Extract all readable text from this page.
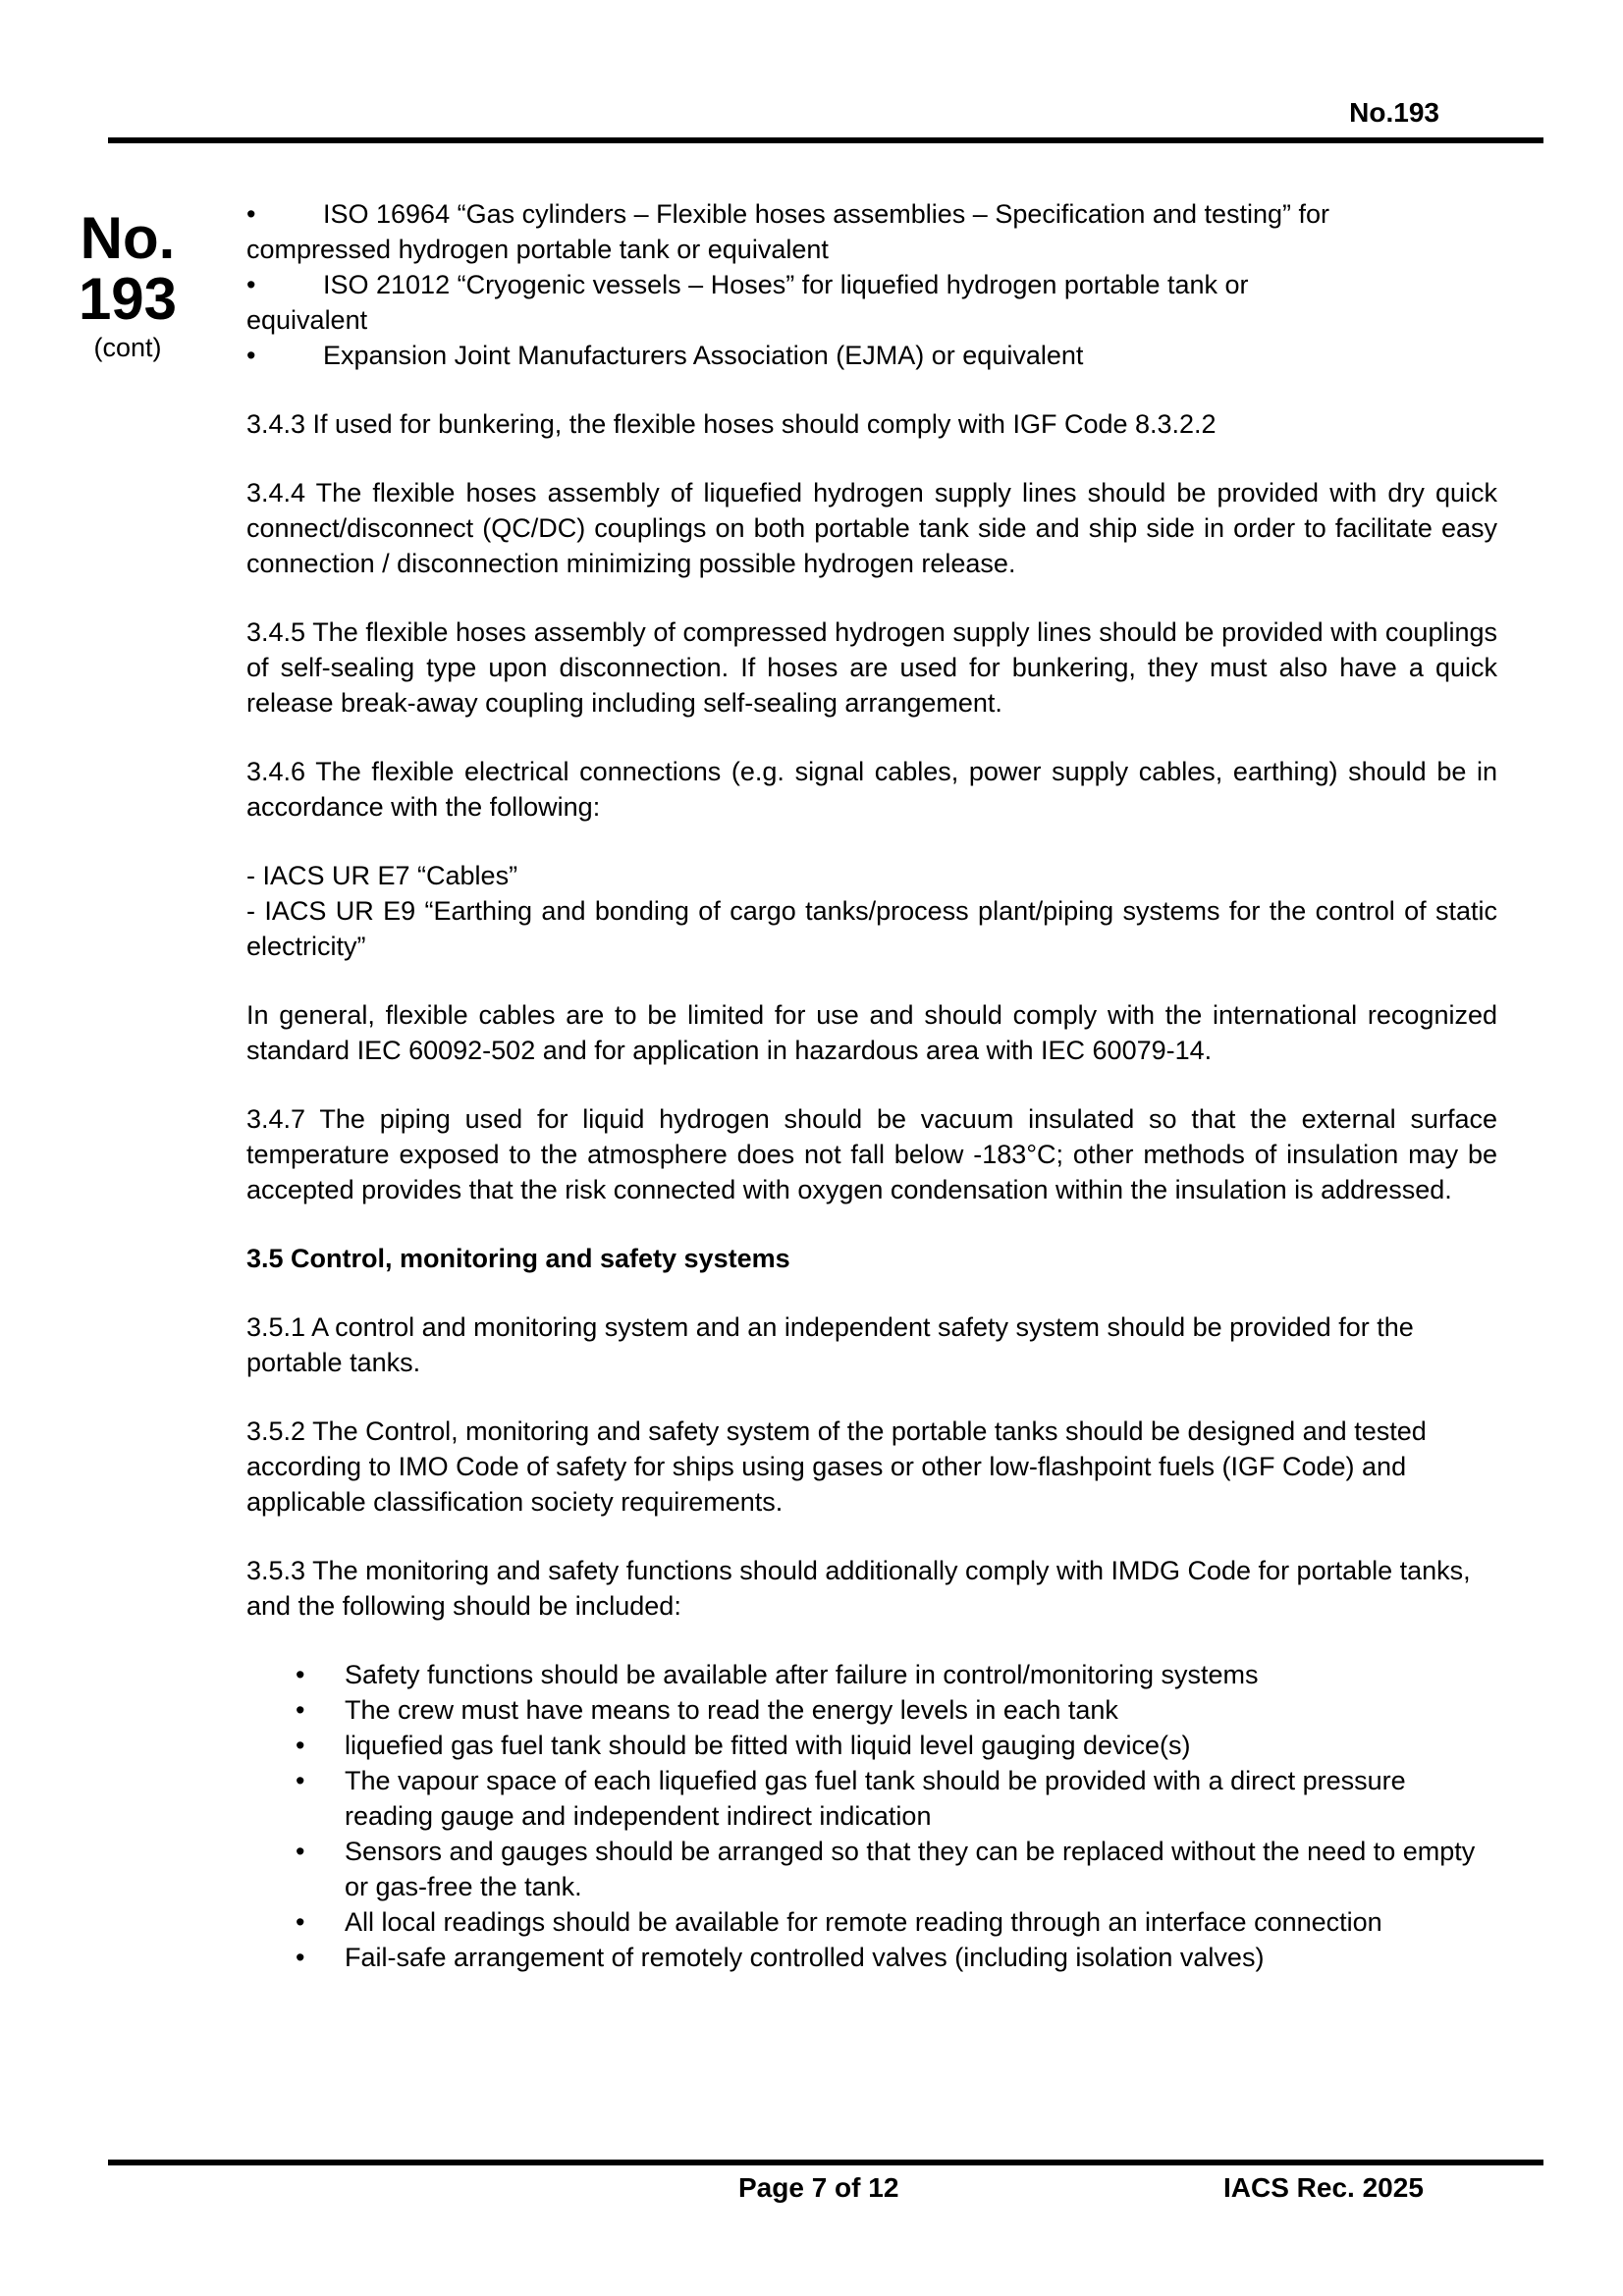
No.193
No.
193
(cont)
•	ISO 16964 “Gas cylinders – Flexible hoses assemblies – Specification and testing” for
compressed hydrogen portable tank or equivalent
•	ISO 21012 “Cryogenic vessels – Hoses” for liquefied hydrogen portable tank or
equivalent
•	Expansion Joint Manufacturers Association (EJMA) or equivalent

3.4.3 If used for bunkering, the flexible hoses should comply with IGF Code 8.3.2.2

3.4.4 The flexible hoses assembly of liquefied hydrogen supply lines should be provided with dry quick connect/disconnect (QC/DC) couplings on both portable tank side and ship side in order to facilitate easy connection / disconnection minimizing possible hydrogen release.

3.4.5 The flexible hoses assembly of compressed hydrogen supply lines should be provided with couplings of self-sealing type upon disconnection. If hoses are used for bunkering, they must also have a quick release break-away coupling including self-sealing arrangement.

3.4.6 The flexible electrical connections (e.g. signal cables, power supply cables, earthing) should be in accordance with the following:

- IACS UR E7 “Cables”

- IACS UR E9 “Earthing and bonding of cargo tanks/process plant/piping systems for the control of static electricity”

In general, flexible cables are to be limited for use and should comply with the international recognized standard IEC 60092-502 and for application in hazardous area with IEC 60079-14.

3.4.7 The piping used for liquid hydrogen should be vacuum insulated so that the external surface temperature exposed to the atmosphere does not fall below -183°C; other methods of insulation may be accepted provides that the risk connected with oxygen condensation within the insulation is addressed.

3.5 Control, monitoring and safety systems

3.5.1 A control and monitoring system and an independent safety system should be provided for the portable tanks.

3.5.2 The Control, monitoring and safety system of the portable tanks should be designed and tested according to IMO Code of safety for ships using gases or other low-flashpoint fuels (IGF Code) and applicable classification society requirements.

3.5.3 The monitoring and safety functions should additionally comply with IMDG Code for portable tanks, and the following should be included:

• Safety functions should be available after failure in control/monitoring systems
• The crew must have means to read the energy levels in each tank
• liquefied gas fuel tank should be fitted with liquid level gauging device(s)
• The vapour space of each liquefied gas fuel tank should be provided with a direct pressure reading gauge and independent indirect indication
• Sensors and gauges should be arranged so that they can be replaced without the need to empty or gas-free the tank.
• All local readings should be available for remote reading through an interface connection
• Fail-safe arrangement of remotely controlled valves (including isolation valves)
Page 7 of 12	IACS Rec. 2025
